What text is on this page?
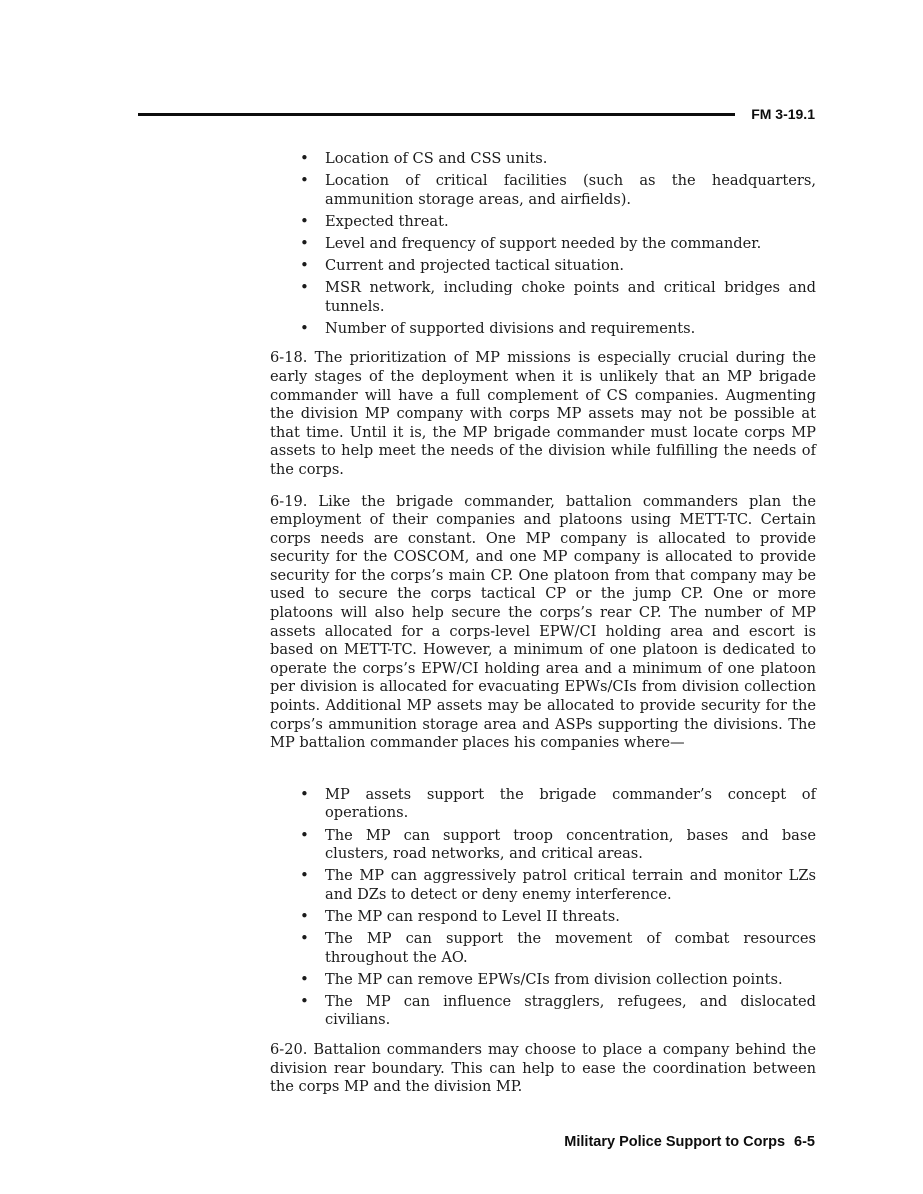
FM 3-19.1
• Location of CS and CSS units.
• Location of critical facilities (such as the headquarters, ammunition storage areas, and airfields).
• Expected threat.
• Level and frequency of support needed by the commander.
• Current and projected tactical situation.
• MSR network, including choke points and critical bridges and tunnels.
• Number of supported divisions and requirements.

6-18. The prioritization of MP missions is especially crucial during the early stages of the deployment when it is unlikely that an MP brigade commander will have a full complement of CS companies. Augmenting the division MP company with corps MP assets may not be possible at that time. Until it is, the MP brigade commander must locate corps MP assets to help meet the needs of the division while fulfilling the needs of the corps.

6-19. Like the brigade commander, battalion commanders plan the employment of their companies and platoons using METT-TC. Certain corps needs are constant. One MP company is allocated to provide security for the COSCOM, and one MP company is allocated to provide security for the corps’s main CP. One platoon from that company may be used to secure the corps tactical CP or the jump CP. One or more platoons will also help secure the corps’s rear CP. The number of MP assets allocated for a corps-level EPW/CI holding area and escort is based on METT-TC. However, a minimum of one platoon is dedicated to operate the corps’s EPW/CI holding area and a minimum of one platoon per division is allocated for evacuating EPWs/CIs from division collection points. Additional MP assets may be allocated to provide security for the corps’s ammunition storage area and ASPs supporting the divisions. The MP battalion commander places his companies where—

• MP assets support the brigade commander’s concept of operations.
• The MP can support troop concentration, bases and base clusters, road networks, and critical areas.
• The MP can aggressively patrol critical terrain and monitor LZs and DZs to detect or deny enemy interference.
• The MP can respond to Level II threats.
• The MP can support the movement of combat resources throughout the AO.
• The MP can remove EPWs/CIs from division collection points.
• The MP can influence stragglers, refugees, and dislocated civilians.

6-20. Battalion commanders may choose to place a company behind the division rear boundary. This can help to ease the coordination between the corps MP and the division MP.

Military Police Support to Corps 6-5
